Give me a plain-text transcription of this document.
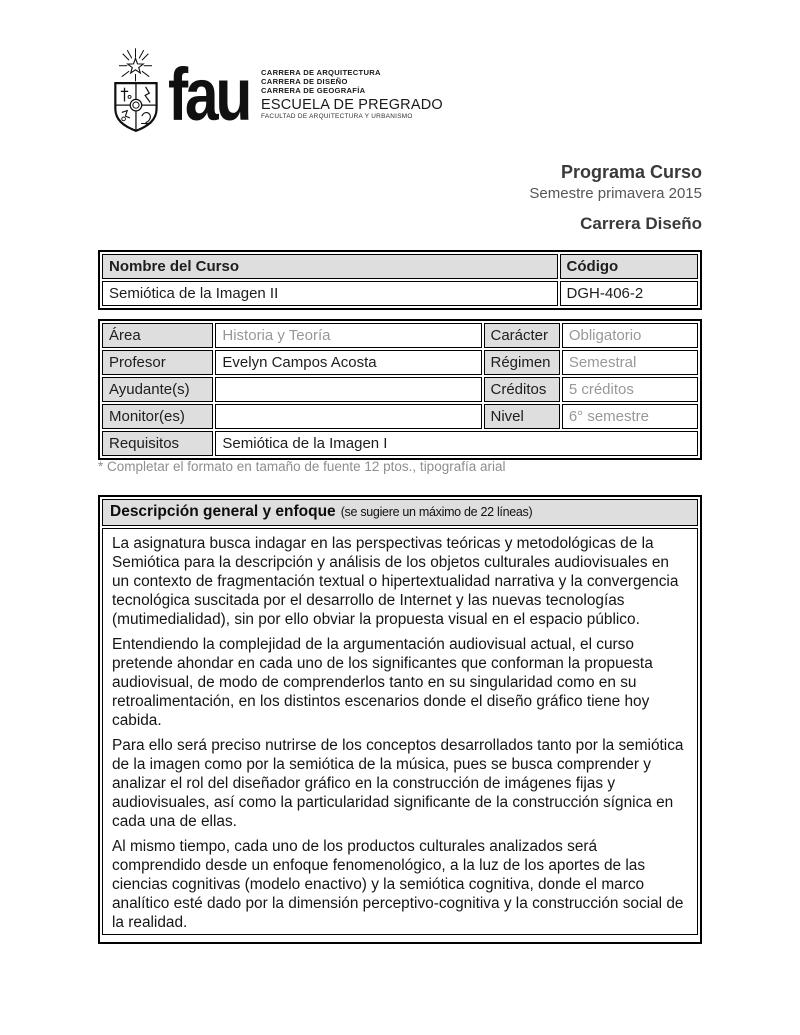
fau CARRERA DE ARQUITECTURA
CARRERA DE DISEÑO
CARRERA DE GEOGRAFÍA
ESCUELA DE PREGRADO
FACULTAD DE ARQUITECTURA Y URBANISMO
Programa Curso
Semestre primavera 2015
Carrera Diseño
Nombre del Curso	Código
Semiótica de la Imagen II	DGH-406-2
Área	Historia y Teoría	Carácter	Obligatorio
Profesor	Evelyn Campos Acosta	Régimen	Semestral
Ayudante(s)		Créditos	5 créditos
Monitor(es)		Nivel	6° semestre
Requisitos	Semiótica de la Imagen I		
* Completar el formato en tamaño de fuente 12 ptos., tipografía arial
Descripción general y enfoque (se sugiere un máximo de 22 líneas)

La asignatura busca indagar en las perspectivas teóricas y metodológicas de la Semiótica para la descripción y análisis de los objetos culturales audiovisuales en un contexto de fragmentación textual o hipertextualidad narrativa y la convergencia tecnológica suscitada por el desarrollo de Internet y las nuevas tecnologías (mutimedialidad), sin por ello obviar la propuesta visual en el espacio público.

Entendiendo la complejidad de la argumentación audiovisual actual, el curso pretende ahondar en cada uno de los significantes que conforman la propuesta audiovisual, de modo de comprenderlos tanto en su singularidad como en su retroalimentación, en los distintos escenarios donde el diseño gráfico tiene hoy cabida.

Para ello será preciso nutrirse de los conceptos desarrollados tanto por la semiótica de la imagen como por la semiótica de la música, pues se busca comprender y analizar el rol del diseñador gráfico en la construcción de imágenes fijas y audiovisuales, así como la particularidad significante de la construcción sígnica en cada una de ellas.

Al mismo tiempo, cada uno de los productos culturales analizados será comprendido desde un enfoque fenomenológico, a la luz de los aportes de las ciencias cognitivas (modelo enactivo) y la semiótica cognitiva, donde el marco analítico esté dado por la dimensión perceptivo-cognitiva y la construcción social de la realidad.
